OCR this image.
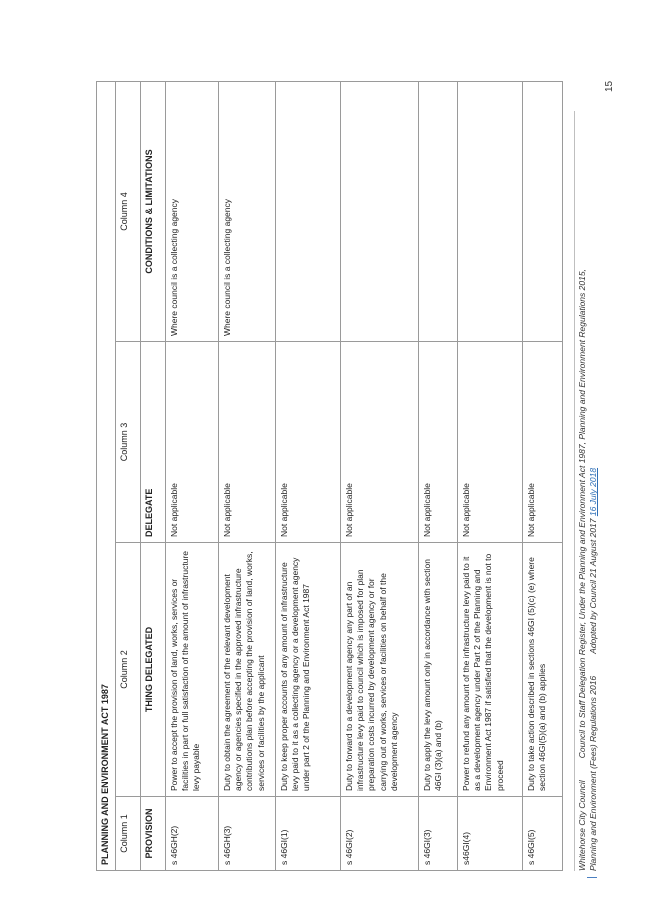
PLANNING AND ENVIRONMENT ACT 1987			
Column 1	Column 2	Column 3	Column 4
PROVISION	THING DELEGATED	DELEGATE	CONDITIONS & LIMITATIONS
s 46GH(2)	Power to accept the provision of land, works, services or facilities in part or full satisfaction of the amount of infrastructure levy payable	Not applicable	Where council is a collecting agency
s 46GH(3)	Duty to obtain the agreement of the relevant development agency or agencies specified in the approved infrastructure contributions plan before accepting the provision of land, works, services or facilities by the applicant	Not applicable	Where council is a collecting agency
s 46GI(1)	Duty to keep proper accounts of any amount of infrastructure levy paid to it as a collecting agency or a development agency under part 2 of the Planning and Environment Act 1987	Not applicable	
s 46GI(2)	Duty to forward to a development agency any part of an infrastructure levy paid to council which is imposed for plan preparation costs incurred by development agency or for carrying out of works, services or facilities on behalf of the development agency	Not applicable	
s 46GI(3)	Duty to apply the levy amount only in accordance with section 46GI (3)(a) and (b)	Not applicable	
s46GI(4)	Power to refund any amount of the infrastructure levy paid to it as a development agency under Part 2 of the Planning and Environment Act 1987 if satisfied that the development is not to proceed	Not applicable	
s 46GI(5)	Duty to take action described in sections 46GI (5)(c) (e) where section 46GI(5)(a) and (b) applies	Not applicable	
Whitehorse City CouncilCouncil to Staff Delegation Register, Under the Planning and Environment Act 1987, Planning and Environment Regulations 2015,
Planning and Environment (Fees) Regulations 2016Adopted by Council 21 August 2017 16 July 2018
15
